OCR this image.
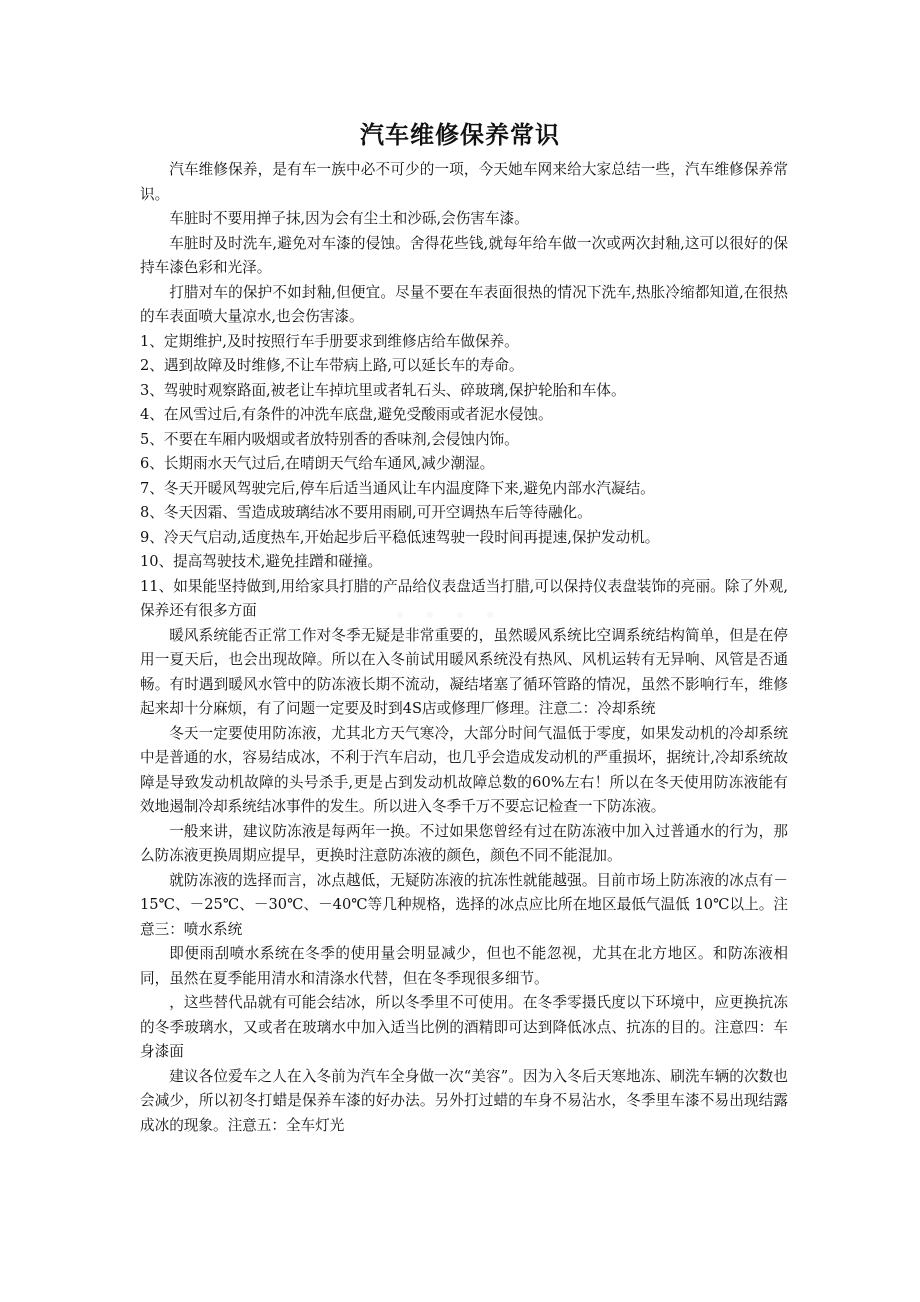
汽车维修保养常识

汽车维修保养，是有车一族中必不可少的一项，今天她车网来给大家总结一些，汽车维修保养常识。

车脏时不要用掸子抹,因为会有尘土和沙砾,会伤害车漆。

车脏时及时洗车,避免对车漆的侵蚀。舍得花些钱,就每年给车做一次或两次封釉,这可以很好的保持车漆色彩和光泽。

打腊对车的保护不如封釉,但便宜。尽量不要在车表面很热的情况下洗车,热胀冷缩都知道,在很热的车表面喷大量凉水,也会伤害漆。

1、定期维护,及时按照行车手册要求到维修店给车做保养。

2、遇到故障及时维修,不让车带病上路,可以延长车的寿命。

3、驾驶时观察路面,被老让车掉坑里或者轧石头、碎玻璃,保护轮胎和车体。

4、在风雪过后,有条件的冲洗车底盘,避免受酸雨或者泥水侵蚀。

5、不要在车厢内吸烟或者放特别香的香味剂,会侵蚀内饰。

6、长期雨水天气过后,在晴朗天气给车通风,减少潮湿。

7、冬天开暖风驾驶完后,停车后适当通风让车内温度降下来,避免内部水汽凝结。

8、冬天因霜、雪造成玻璃结冰不要用雨刷,可开空调热车后等待融化。

9、冷天气启动,适度热车,开始起步后平稳低速驾驶一段时间再提速,保护发动机。

10、提高驾驶技术,避免挂蹭和碰撞。

11、如果能坚持做到,用给家具打腊的产品给仪表盘适当打腊,可以保持仪表盘装饰的亮丽。除了外观,保养还有很多方面

暖风系统能否正常工作对冬季无疑是非常重要的，虽然暖风系统比空调系统结构简单，但是在停用一夏天后，也会出现故障。所以在入冬前试用暖风系统没有热风、风机运转有无异响、风管是否通畅。有时遇到暖风水管中的防冻液长期不流动，凝结堵塞了循环管路的情况，虽然不影响行车，维修起来却十分麻烦，有了问题一定要及时到4S店或修理厂修理。注意二：冷却系统

冬天一定要使用防冻液，尤其北方天气寒冷，大部分时间气温低于零度，如果发动机的冷却系统中是普通的水，容易结成冰，不利于汽车启动，也几乎会造成发动机的严重损坏，据统计,冷却系统故障是导致发动机故障的头号杀手,更是占到发动机故障总数的60%左右！所以在冬天使用防冻液能有效地遏制冷却系统结冰事件的发生。所以进入冬季千万不要忘记检查一下防冻液。

一般来讲，建议防冻液是每两年一换。不过如果您曾经有过在防冻液中加入过普通水的行为，那么防冻液更换周期应提早，更换时注意防冻液的颜色，颜色不同不能混加。

就防冻液的选择而言，冰点越低，无疑防冻液的抗冻性就能越强。目前市场上防冻液的冰点有－15℃、－25℃、－30℃、－40℃等几种规格，选择的冰点应比所在地区最低气温低 10℃以上。注意三：喷水系统

即便雨刮喷水系统在冬季的使用量会明显减少，但也不能忽视，尤其在北方地区。和防冻液相同，虽然在夏季能用清水和清涤水代替，但在冬季现很多细节。

，这些替代品就有可能会结冰，所以冬季里不可使用。在冬季零摄氏度以下环境中，应更换抗冻的冬季玻璃水，又或者在玻璃水中加入适当比例的酒精即可达到降低冰点、抗冻的目的。注意四：车身漆面

建议各位爱车之人在入冬前为汽车全身做一次“美容”。因为入冬后天寒地冻、刷洗车辆的次数也会减少，所以初冬打蜡是保养车漆的好办法。另外打过蜡的车身不易沾水，冬季里车漆不易出现结露成冰的现象。注意五：全车灯光
